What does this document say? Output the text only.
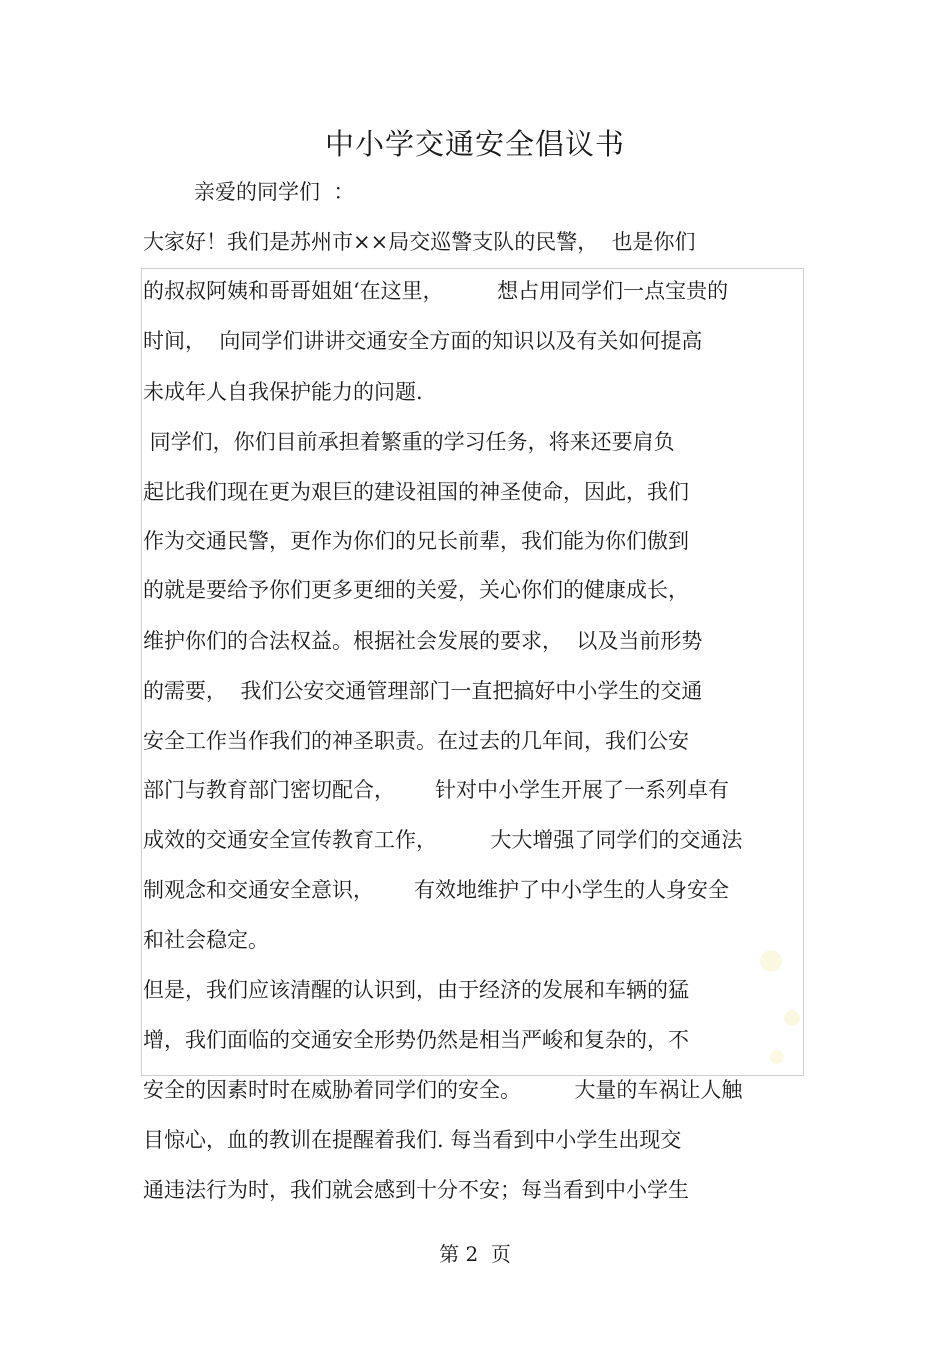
中小学交通安全倡议书
亲爱的同学们  ：
大家好！我们是苏州市××局交巡警支队的民警，  也是你们
的叔叔阿姨和哥哥姐姐‘在这里，        想占用同学们一点宝贵的
时间，  向同学们讲讲交通安全方面的知识以及有关如何提高
未成年人自我保护能力的问题.
同学们，你们目前承担着繁重的学习任务，将来还要肩负
起比我们现在更为艰巨的建设祖国的神圣使命，因此，我们
作为交通民警，更作为你们的兄长前辈，我们能为你们傲到
的就是要给予你们更多更细的关爱，关心你们的健康成长，
维护你们的合法权益。根据社会发展的要求，  以及当前形势
的需要，  我们公安交通管理部门一直把搞好中小学生的交通
安全工作当作我们的神圣职责。在过去的几年间，我们公安
部门与教育部门密切配合，      针对中小学生开展了一系列卓有
成效的交通安全宣传教育工作，        大大增强了同学们的交通法
制观念和交通安全意识，      有效地维护了中小学生的人身安全
和社会稳定。
但是，我们应该清醒的认识到，由于经济的发展和车辆的猛
增，我们面临的交通安全形势仍然是相当严峻和复杂的，不
安全的因素时时在威胁着同学们的安全。        大量的车祸让人触
目惊心，血的教训在提醒着我们. 每当看到中小学生出现交
通违法行为时，我们就会感到十分不安；每当看到中小学生
第 2  页
